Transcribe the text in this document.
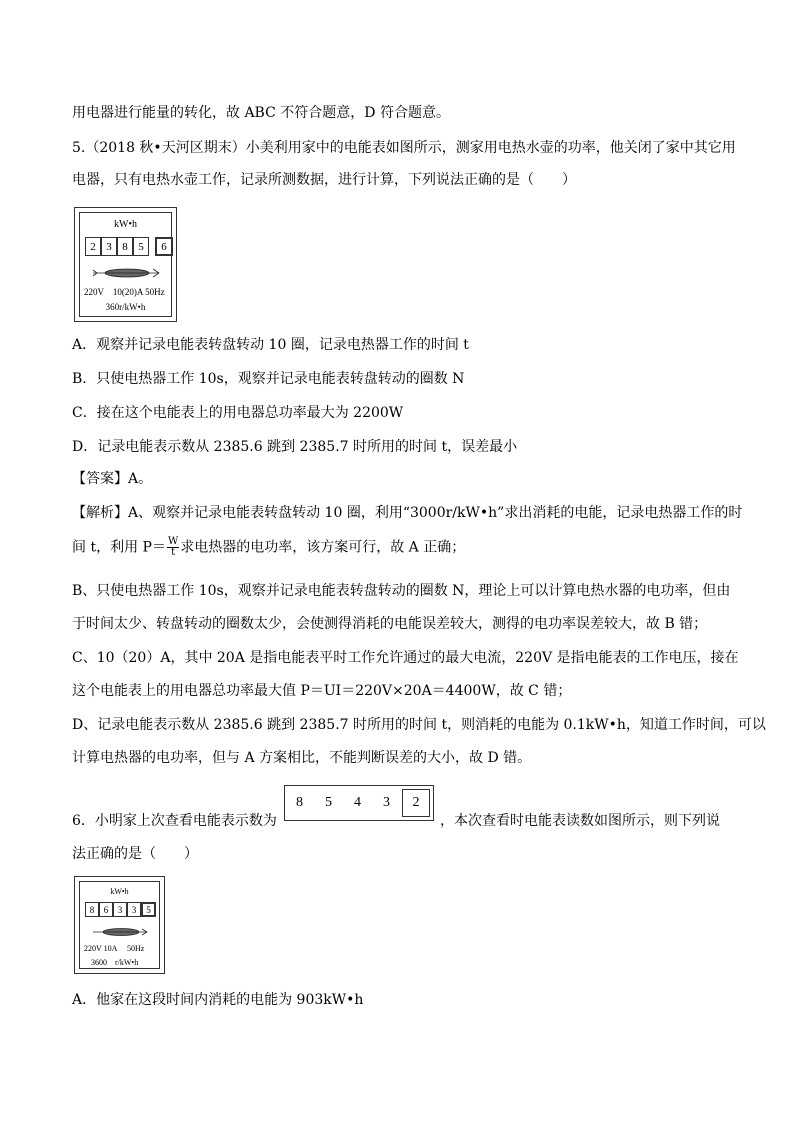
用电器进行能量的转化，故 ABC 不符合题意，D 符合题意。
5.（2018 秋•天河区期末）小美利用家中的电能表如图所示，测家用电热水壶的功率，他关闭了家中其它用
电器，只有电热水壶工作，记录所测数据，进行计算，下列说法正确的是（　　）
kW•h
2 3 8 5	6
220V　10(20)A 50Hz
360r/kW•h
A．观察并记录电能表转盘转动 10 圈，记录电热器工作的时间 t
B．只使电热器工作 10s，观察并记录电能表转盘转动的圈数 N
C．接在这个电能表上的用电器总功率最大为 2200W
D．记录电能表示数从 2385.6 跳到 2385.7 时所用的时间 t，误差最小
【答案】A。
【解析】A、观察并记录电能表转盘转动 10 圈，利用“3000r/kW•h”求出消耗的电能，记录电热器工作的时
间 t，利用 $P= \frac{W}{t}$ 求电热器的电功率，该方案可行，故 A 正确；
B、只使电热器工作 10s，观察并记录电能表转盘转动的圈数 N，理论上可以计算电热水器的电功率，但由
于时间太少、转盘转动的圈数太少，会使测得消耗的电能误差较大，测得的电功率误差较大，故 B 错；
C、10（20）A，其中 20A 是指电能表平时工作允许通过的最大电流，220V 是指电能表的工作电压，接在
这个电能表上的用电器总功率最大值 P＝UI＝220V×20A＝4400W，故 C 错；
D、记录电能表示数从 2385.6 跳到 2385.7 时所用的时间 t，则消耗的电能为 0.1kW•h，知道工作时间，可以
计算电热器的电功率，但与 A 方案相比，不能判断误差的大小，故 D 错。
6．小明家上次查看电能表示数为
8	5	4	3	2
，本次查看时电能表读数如图所示，则下列说
法正确的是（　　）
kW•h
8	6	3	3	5
220V 10A　 50Hz
3600　r/kW•h
A．他家在这段时间内消耗的电能为 903kW•h
